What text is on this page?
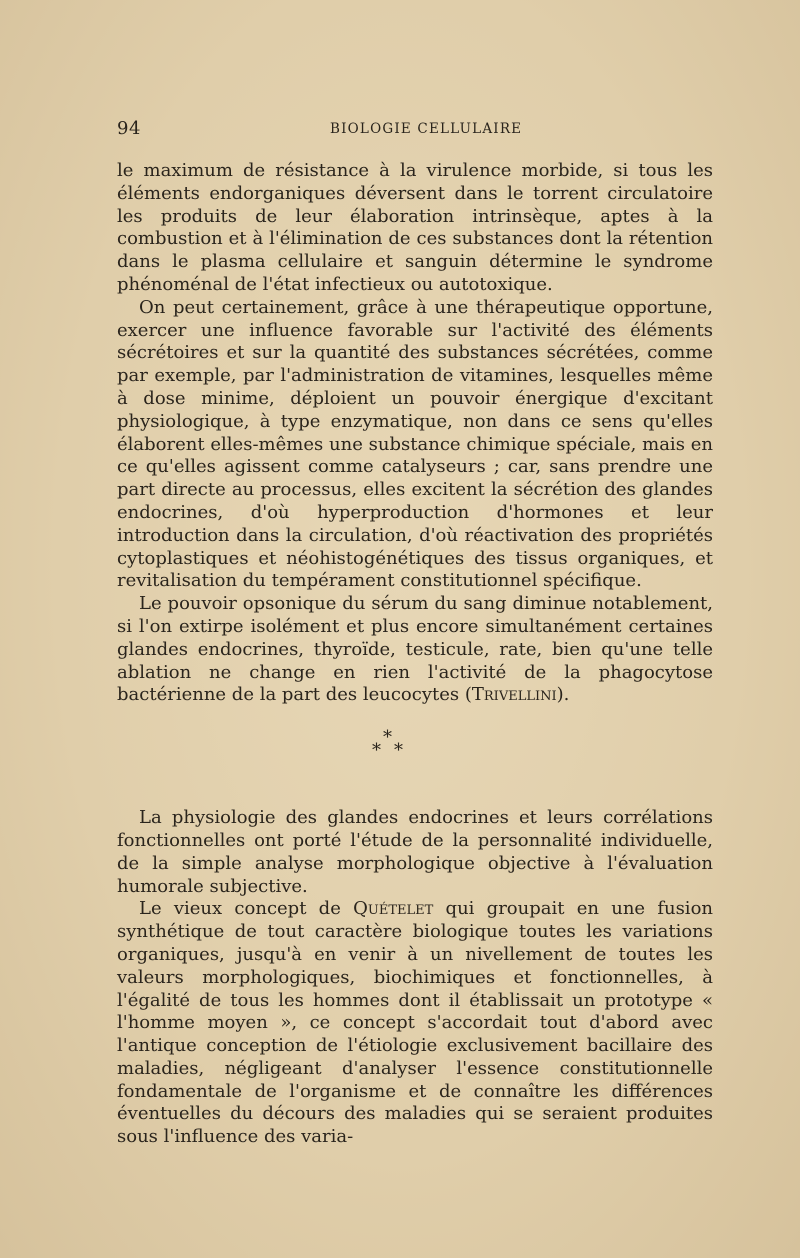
94	BIOLOGIE CELLULAIRE

le maximum de résistance à la virulence morbide, si tous les éléments endorganiques déversent dans le torrent circulatoire les produits de leur élaboration intrinsèque, aptes à la combustion et à l'élimination de ces substances dont la rétention dans le plasma cellulaire et sanguin détermine le syndrome phénoménal de l'état infectieux ou autotoxique.

On peut certainement, grâce à une thérapeutique opportune, exercer une influence favorable sur l'activité des éléments sécrétoires et sur la quantité des substances sécrétées, comme par exemple, par l'administration de vitamines, lesquelles même à dose minime, déploient un pouvoir énergique d'excitant physiologique, à type enzymatique, non dans ce sens qu'elles élaborent elles-mêmes une substance chimique spéciale, mais en ce qu'elles agissent comme catalyseurs ; car, sans prendre une part directe au processus, elles excitent la sécrétion des glandes endocrines, d'où hyperproduction d'hormones et leur introduction dans la circulation, d'où réactivation des propriétés cytoplastiques et néohistogénétiques des tissus organiques, et revitalisation du tempérament constitutionnel spécifique.

Le pouvoir opsonique du sérum du sang diminue notablement, si l'on extirpe isolément et plus encore simultanément certaines glandes endocrines, thyroïde, testicule, rate, bien qu'une telle ablation ne change en rien l'activité de la phagocytose bactérienne de la part des leucocytes (Trivellini).

*
* *

La physiologie des glandes endocrines et leurs corrélations fonctionnelles ont porté l'étude de la personnalité individuelle, de la simple analyse morphologique objective à l'évaluation humorale subjective.

Le vieux concept de Quételet qui groupait en une fusion synthétique de tout caractère biologique toutes les variations organiques, jusqu'à en venir à un nivellement de toutes les valeurs morphologiques, biochimiques et fonctionnelles, à l'égalité de tous les hommes dont il établissait un prototype « l'homme moyen », ce concept s'accordait tout d'abord avec l'antique conception de l'étiologie exclusivement bacillaire des maladies, négligeant d'analyser l'essence constitutionnelle fondamentale de l'organisme et de connaître les différences éventuelles du décours des maladies qui se seraient produites sous l'influence des varia-
